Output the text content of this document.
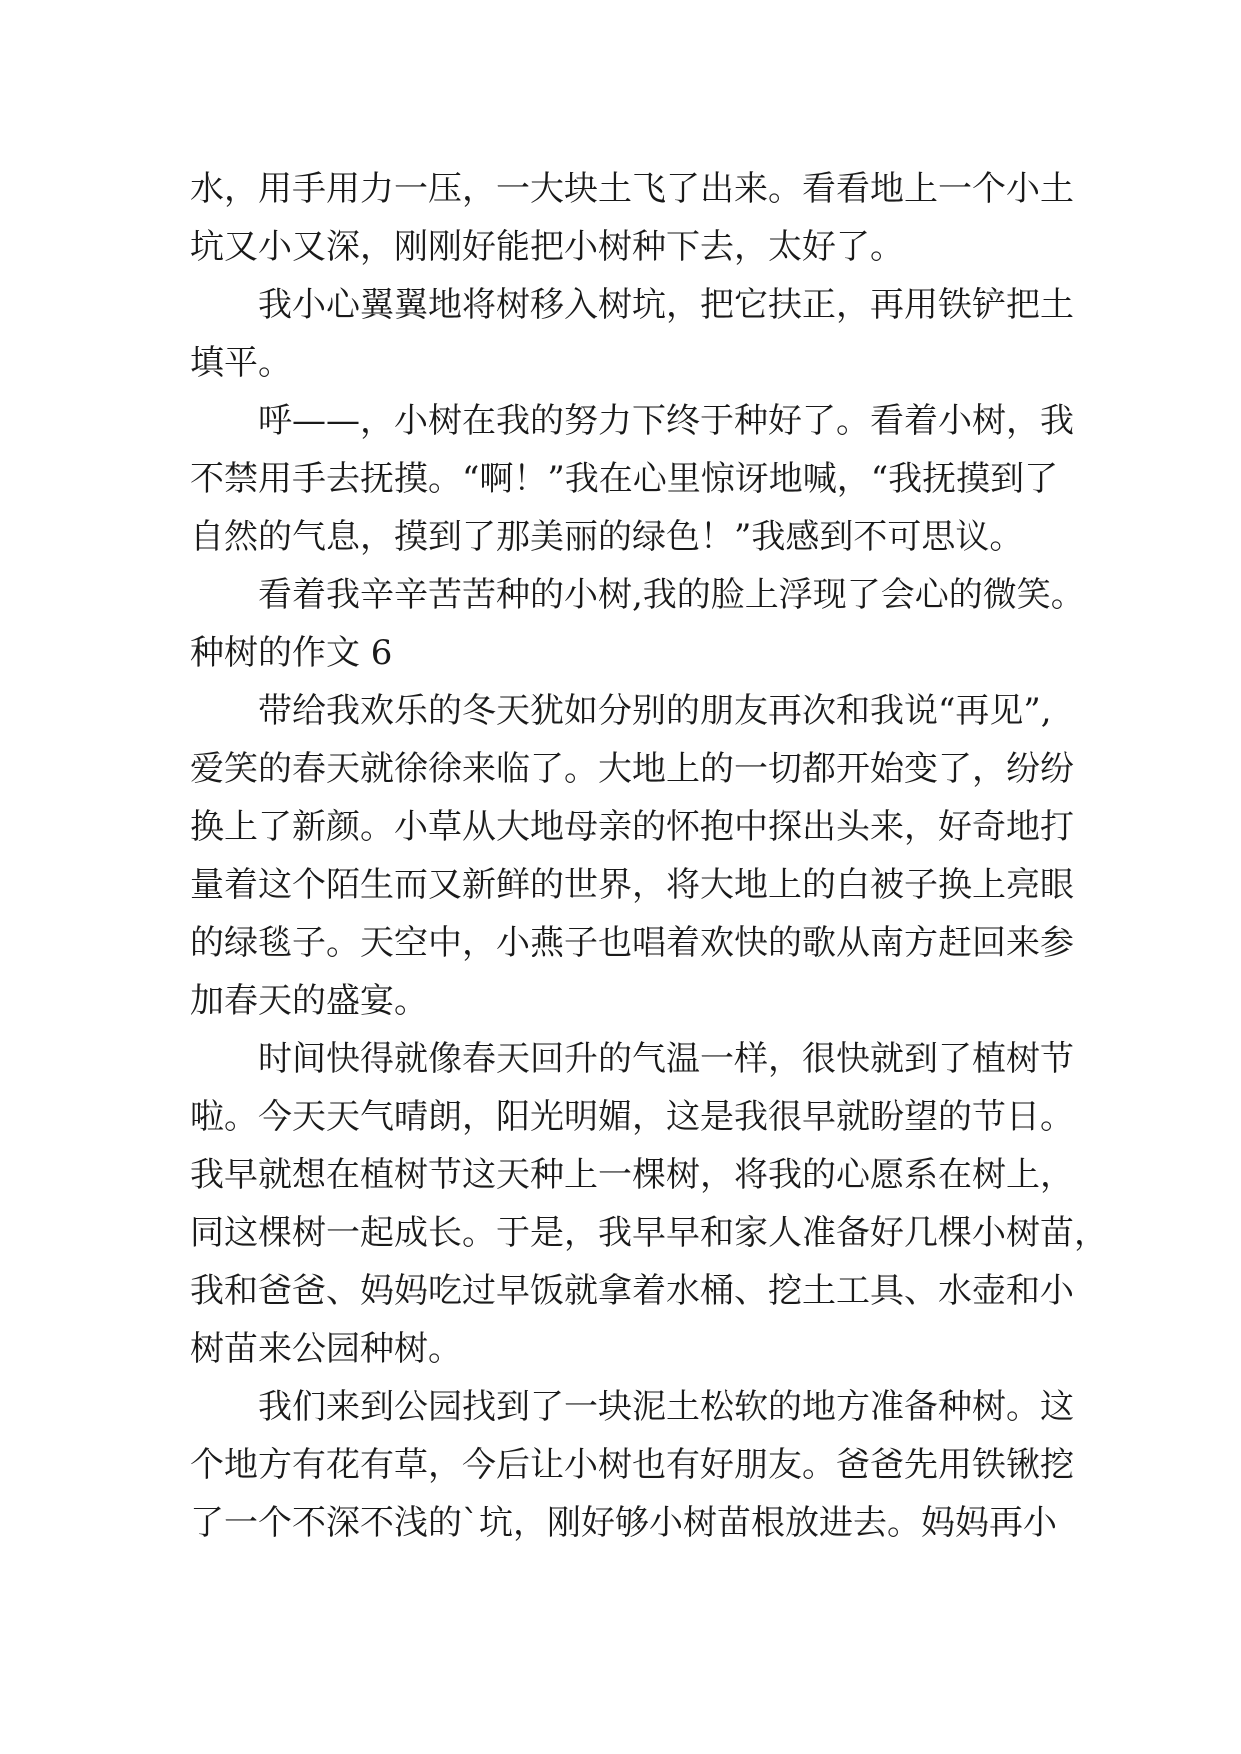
水，用手用力一压，一大块土飞了出来。看看地上一个小土
坑又小又深，刚刚好能把小树种下去，太好了。
我小心翼翼地将树移入树坑，把它扶正，再用铁铲把土
填平。
呼——，小树在我的努力下终于种好了。看着小树，我
不禁用手去抚摸。“啊！”我在心里惊讶地喊，“我抚摸到了
自然的气息，摸到了那美丽的绿色！”我感到不可思议。
看着我辛辛苦苦种的小树,我的脸上浮现了会心的微笑。
种树的作文 6
带给我欢乐的冬天犹如分别的朋友再次和我说“再见”,
爱笑的春天就徐徐来临了。大地上的一切都开始变了，纷纷
换上了新颜。小草从大地母亲的怀抱中探出头来，好奇地打
量着这个陌生而又新鲜的世界，将大地上的白被子换上亮眼
的绿毯子。天空中，小燕子也唱着欢快的歌从南方赶回来参
加春天的盛宴。
时间快得就像春天回升的气温一样，很快就到了植树节
啦。今天天气晴朗，阳光明媚，这是我很早就盼望的节日。
我早就想在植树节这天种上一棵树，将我的心愿系在树上，
同这棵树一起成长。于是，我早早和家人准备好几棵小树苗，
我和爸爸、妈妈吃过早饭就拿着水桶、挖土工具、水壶和小
树苗来公园种树。
我们来到公园找到了一块泥土松软的地方准备种树。这
个地方有花有草，今后让小树也有好朋友。爸爸先用铁锹挖
了一个不深不浅的`坑，刚好够小树苗根放进去。妈妈再小
